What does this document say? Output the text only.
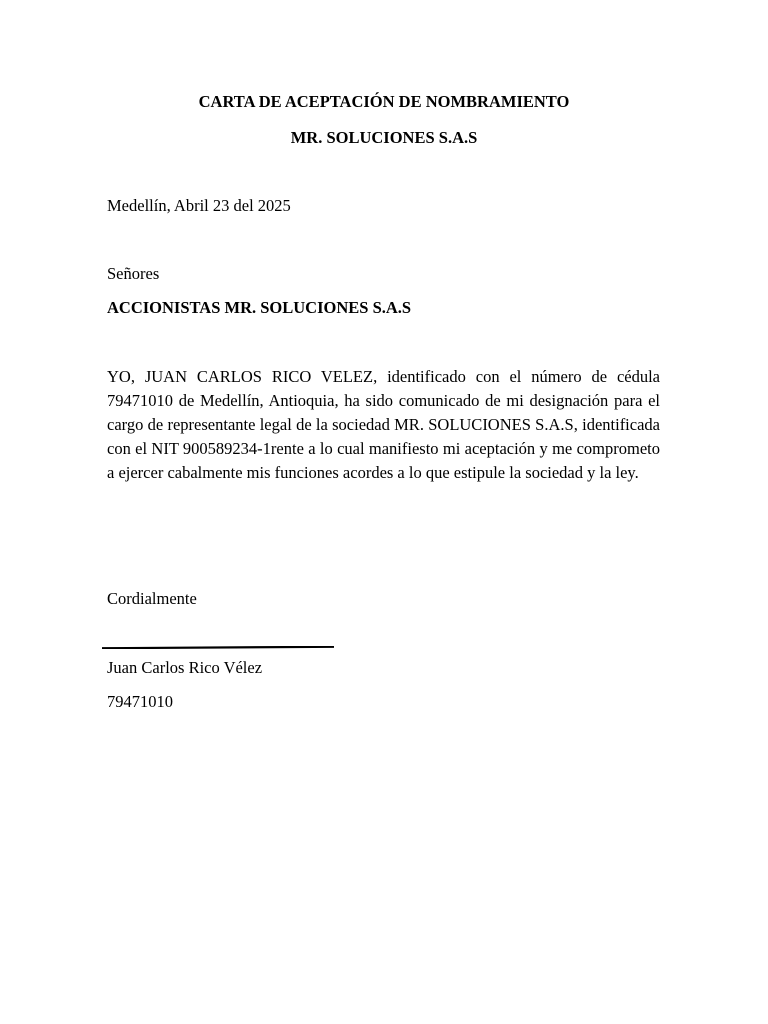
CARTA DE ACEPTACIÓN DE NOMBRAMIENTO
MR. SOLUCIONES S.A.S
Medellín, Abril 23 del 2025
Señores
ACCIONISTAS MR. SOLUCIONES S.A.S
YO, JUAN CARLOS RICO VELEZ, identificado con el número de cédula 79471010 de Medellín, Antioquia, ha sido comunicado de mi designación para el cargo de representante legal de la sociedad MR. SOLUCIONES S.A.S, identificada con el NIT 900589234-1rente a lo cual manifiesto mi aceptación y me comprometo a ejercer cabalmente mis funciones acordes a lo que estipule la sociedad y la ley.
Cordialmente
Juan Carlos Rico Vélez
79471010
